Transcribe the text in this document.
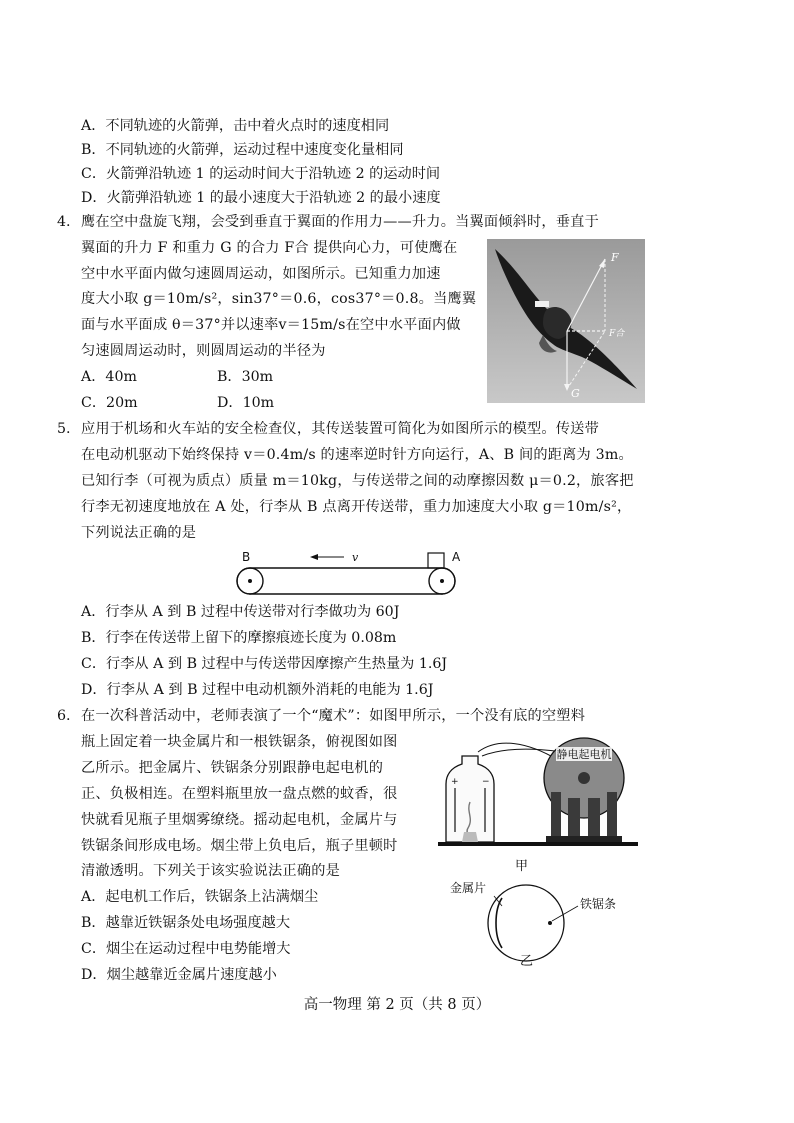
A．不同轨迹的火箭弹，击中着火点时的速度相同
B．不同轨迹的火箭弹，运动过程中速度变化量相同
C．火箭弹沿轨迹 1 的运动时间大于沿轨迹 2 的运动时间
D．火箭弹沿轨迹 1 的最小速度大于沿轨迹 2 的最小速度
4. 鹰在空中盘旋飞翔，会受到垂直于翼面的作用力——升力。当翼面倾斜时，垂直于
翼面的升力 F 和重力 G 的合力 F合 提供向心力，可使鹰在
空中水平面内做匀速圆周运动，如图所示。已知重力加速
度大小取 g＝10m/s²，sin37°＝0.6，cos37°＝0.8。当鹰翼
面与水平面成 θ＝37°并以速率v＝15m/s在空中水平面内做
匀速圆周运动时，则圆周运动的半径为
A．40m	B．30m
C．20m	D．10m
F
G
F合
5. 应用于机场和火车站的安全检查仪，其传送装置可简化为如图所示的模型。传送带
在电动机驱动下始终保持 v＝0.4m/s 的速率逆时针方向运行，A、B 间的距离为 3m。
已知行李（可视为质点）质量 m＝10kg，与传送带之间的动摩擦因数 μ＝0.2，旅客把
行李无初速度地放在 A 处，行李从 B 点离开传送带，重力加速度大小取 g＝10m/s²，
下列说法正确的是
B	A
v
A．行李从 A 到 B 过程中传送带对行李做功为 60J
B．行李在传送带上留下的摩擦痕迹长度为 0.08m
C．行李从 A 到 B 过程中与传送带因摩擦产生热量为 1.6J
D．行李从 A 到 B 过程中电动机额外消耗的电能为 1.6J
6. 在一次科普活动中，老师表演了一个“魔术”：如图甲所示，一个没有底的空塑料
瓶上固定着一块金属片和一根铁锯条，俯视图如图
乙所示。把金属片、铁锯条分别跟静电起电机的
正、负极相连。在塑料瓶里放一盘点燃的蚊香，很
快就看见瓶子里烟雾缭绕。摇动起电机，金属片与
铁锯条间形成电场。烟尘带上负电后，瓶子里顿时
清澈透明。下列关于该实验说法正确的是
A．起电机工作后，铁锯条上沾满烟尘
B．越靠近铁锯条处电场强度越大
C．烟尘在运动过程中电势能增大
D．烟尘越靠近金属片速度越小
+	−
静电起电机
甲
金属片
铁锯条
乙
高一物理 第 2 页（共 8 页）
